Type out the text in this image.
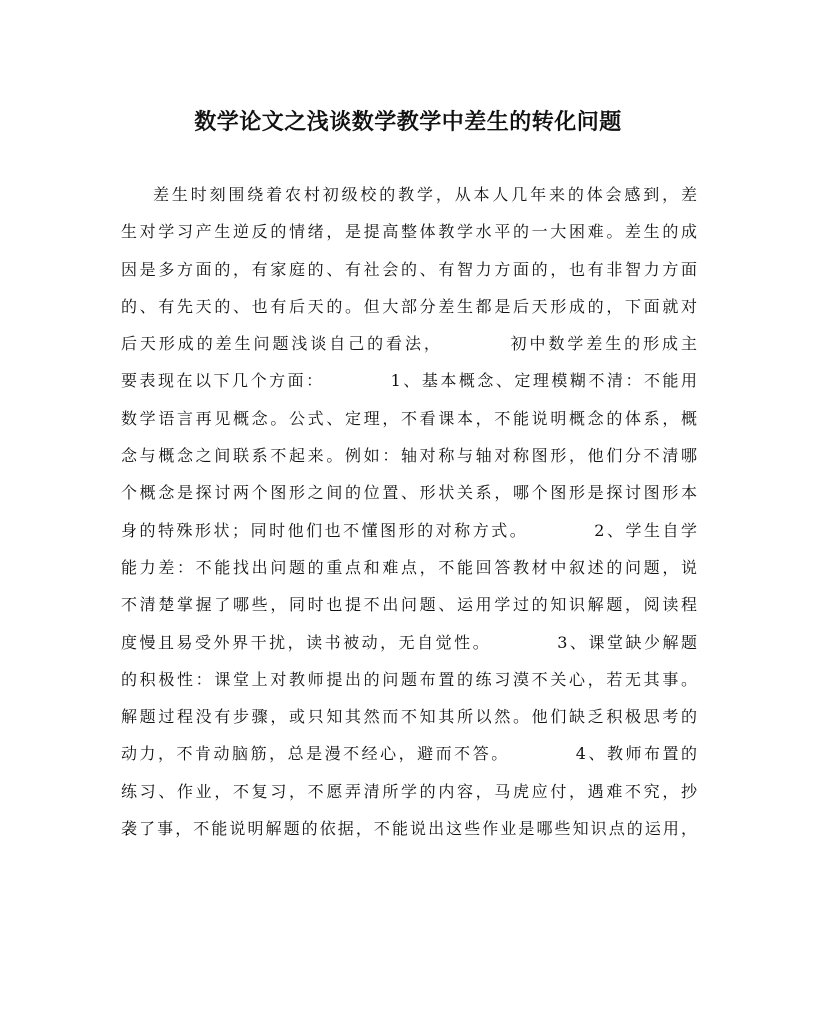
数学论文之浅谈数学教学中差生的转化问题
差生时刻围绕着农村初级校的教学，从本人几年来的体会感到，差
生对学习产生逆反的情绪，是提高整体教学水平的一大困难。差生的成
因是多方面的，有家庭的、有社会的、有智力方面的，也有非智力方面
的、有先天的、也有后天的。但大部分差生都是后天形成的，下面就对
后天形成的差生问题浅谈自己的看法，　　　　初中数学差生的形成主
要表现在以下几个方面：　　　　1、基本概念、定理模糊不清：不能用
数学语言再见概念。公式、定理，不看课本，不能说明概念的体系，概
念与概念之间联系不起来。例如：轴对称与轴对称图形，他们分不清哪
个概念是探讨两个图形之间的位置、形状关系，哪个图形是探讨图形本
身的特殊形状；同时他们也不懂图形的对称方式。　　　　2、学生自学
能力差：不能找出问题的重点和难点，不能回答教材中叙述的问题，说
不清楚掌握了哪些，同时也提不出问题、运用学过的知识解题，阅读程
度慢且易受外界干扰，读书被动，无自觉性。　　　　3、课堂缺少解题
的积极性：课堂上对教师提出的问题布置的练习漠不关心，若无其事。
解题过程没有步骤，或只知其然而不知其所以然。他们缺乏积极思考的
动力，不肯动脑筋，总是漫不经心，避而不答。　　　　4、教师布置的
练习、作业，不复习，不愿弄清所学的内容，马虎应付，遇难不究，抄
袭了事，不能说明解题的依据，不能说出这些作业是哪些知识点的运用，
